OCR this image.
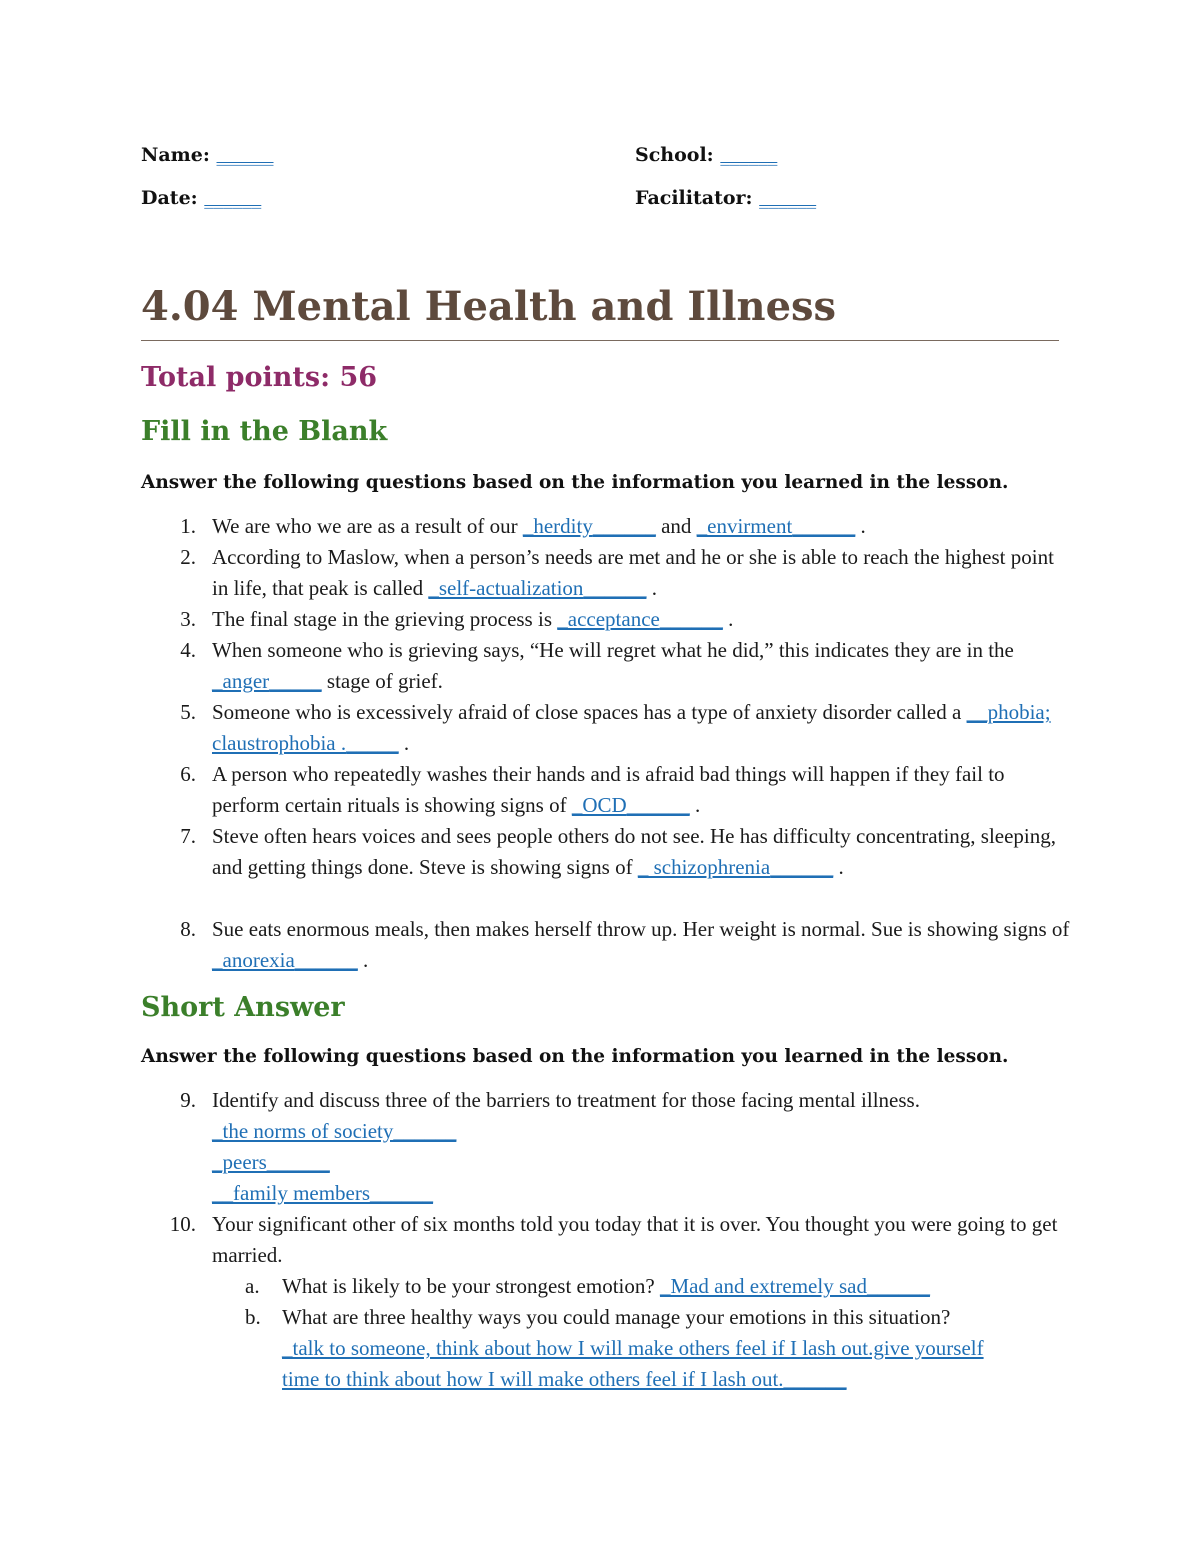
Name: ______	School: ______
Date: ______	Facilitator: ______
4.04 Mental Health and Illness
Total points: 56
Fill in the Blank
Answer the following questions based on the information you learned in the lesson.
1. We are who we are as a result of our _herdity______ and _envirment______ .
2. According to Maslow, when a person’s needs are met and he or she is able to reach the highest point in life, that peak is called _self-actualization______ .
3. The final stage in the grieving process is _acceptance______ .
4. When someone who is grieving says, “He will regret what he did,” this indicates they are in the _anger_____ stage of grief.
5. Someone who is excessively afraid of close spaces has a type of anxiety disorder called a __phobia; claustrophobia ._____ .
6. A person who repeatedly washes their hands and is afraid bad things will happen if they fail to perform certain rituals is showing signs of _OCD______ .
7. Steve often hears voices and sees people others do not see. He has difficulty concentrating, sleeping, and getting things done. Steve is showing signs of _ schizophrenia______ .
8. Sue eats enormous meals, then makes herself throw up. Her weight is normal. Sue is showing signs of _anorexia______ .
Short Answer
Answer the following questions based on the information you learned in the lesson.
9. Identify and discuss three of the barriers to treatment for those facing mental illness.
_the norms of society______
_peers______
__family members______
10. Your significant other of six months told you today that it is over. You thought you were going to get married.
a. What is likely to be your strongest emotion? _Mad and extremely sad______
b. What are three healthy ways you could manage your emotions in this situation?
_talk to someone, think about how I will make others feel if I lash out.give yourself time to think about how I will make others feel if I lash out.______
